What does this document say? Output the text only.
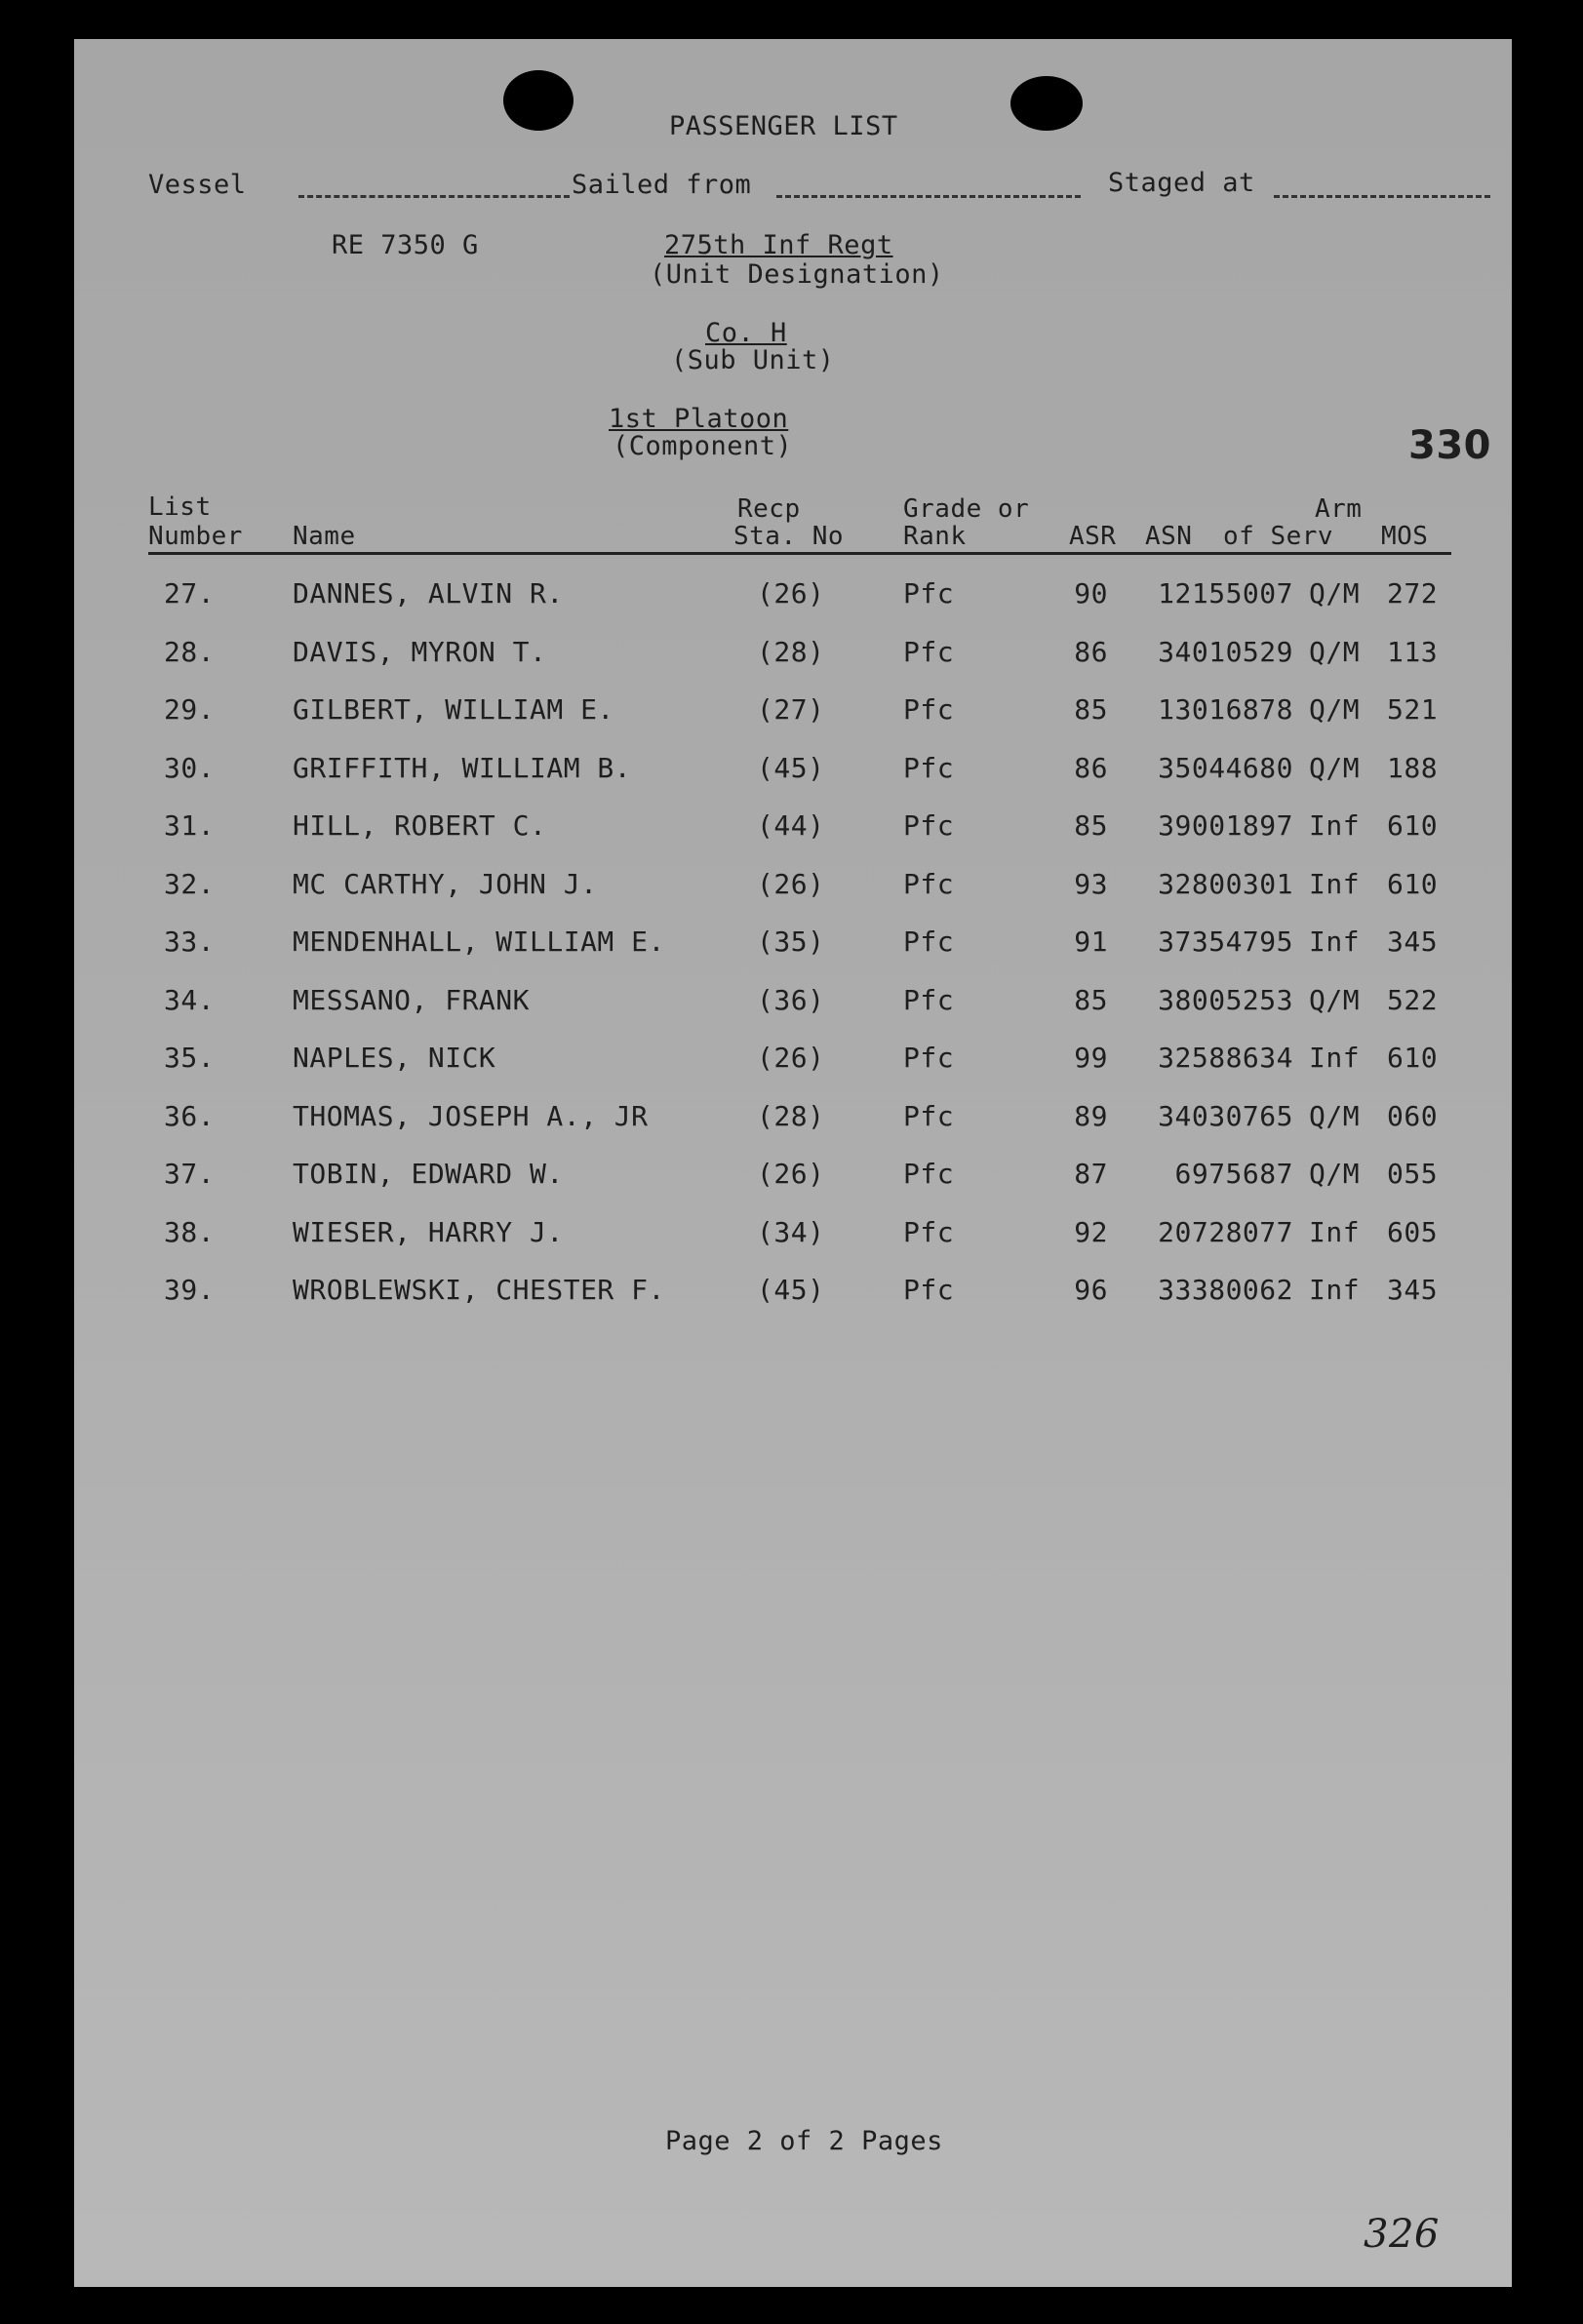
PASSENGER LIST
Vessel	Sailed from	Staged at
RE 7350 G	275th Inf Regt
(Unit Designation)
Co. H
(Sub Unit)
1st Platoon
(Component)	330
List
Number Name
Recp
Sta. No
Grade or
Rank	ASR ASN
Arm
of Serv MOS
27.	DANNES, ALVIN R.	(26)	Pfc	90	12155007 Q/M 272
28.	DAVIS, MYRON T.	(28)	Pfc	86	34010529 Q/M 113
29.	GILBERT, WILLIAM E.	(27)	Pfc	85	13016878 Q/M 521
30.	GRIFFITH, WILLIAM B.	(45)	Pfc	86	35044680 Q/M 188
31.	HILL, ROBERT C.	(44)	Pfc	85	39001897 Inf 610
32.	MC CARTHY, JOHN J.	(26)	Pfc	93	32800301 Inf 610
33.	MENDENHALL, WILLIAM E.	(35)	Pfc	91	37354795 Inf 345
34.	MESSANO, FRANK	(36)	Pfc	85	38005253 Q/M 522
35.	NAPLES, NICK	(26)	Pfc	99	32588634 Inf 610
36.	THOMAS, JOSEPH A., JR	(28)	Pfc	89	34030765 Q/M 060
37.	TOBIN, EDWARD W.	(26)	Pfc	87	6975687 Q/M 055
38.	WIESER, HARRY J.	(34)	Pfc	92	20728077 Inf 605
39.	WROBLEWSKI, CHESTER F.	(45)	Pfc	96	33380062 Inf 345
Page 2 of 2 Pages
326
